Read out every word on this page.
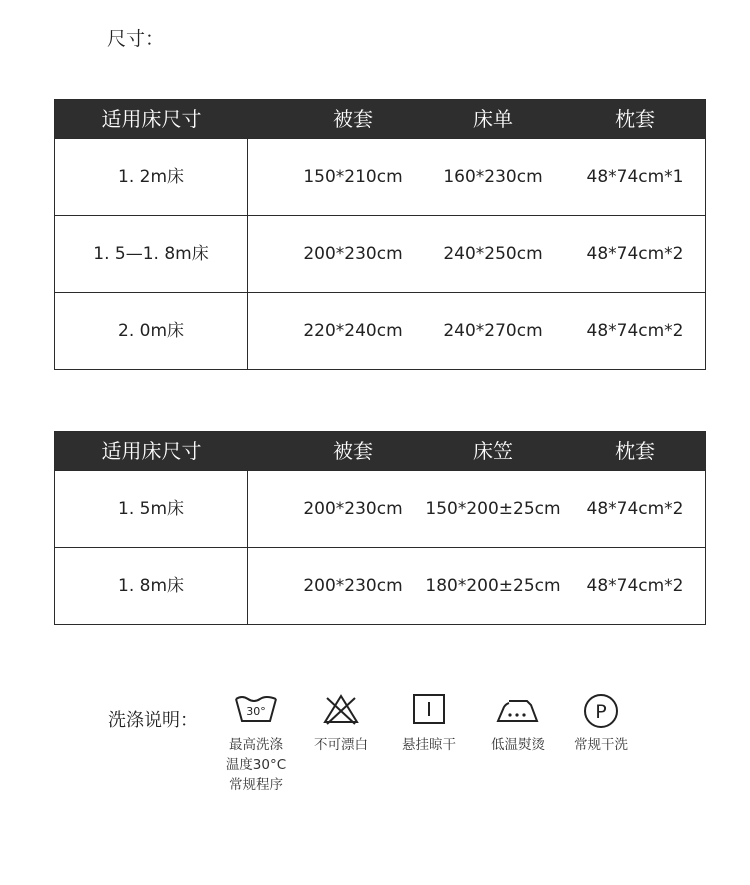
尺寸：
适用床尺寸	被套	床单	枕套
1. 2m床	150*210cm	160*230cm	48*74cm*1
1. 5—1. 8m床	200*230cm	240*250cm	48*74cm*2
2. 0m床	220*240cm	240*270cm	48*74cm*2
适用床尺寸	被套	床笠	枕套
1. 5m床	200*230cm	150*200±25cm	48*74cm*2
1. 8m床	200*230cm	180*200±25cm	48*74cm*2
洗涤说明：	30°
最高洗涤
温度30°C
常规程序
不可漂白	悬挂晾干	低温熨烫
P
常规干洗
